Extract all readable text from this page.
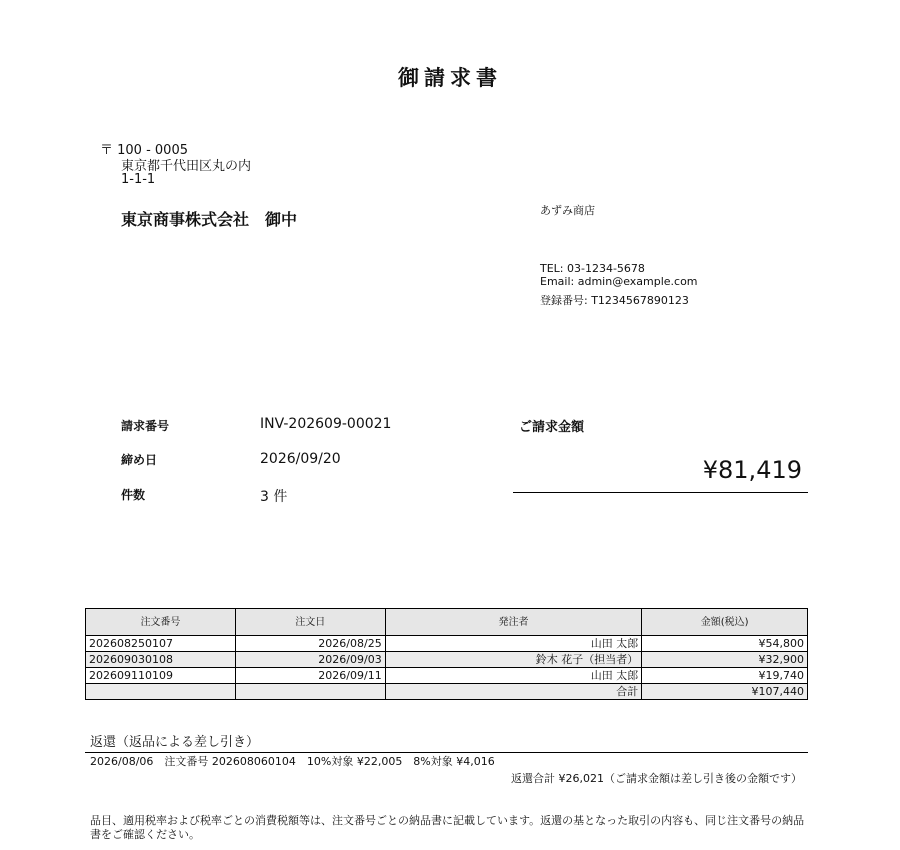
御請求書
〒 100 - 0005
東京都千代田区丸の内
1-1-1
東京商事株式会社　御中	あずみ商店
TEL: 03-1234-5678
Email: admin@example.com
登録番号: T1234567890123
請求番号	INV-202609-00021
締め日	2026/09/20
件数	3 件
ご請求金額
¥81,419
注文番号	注文日	発注者	金額(税込)
202608250107	2026/08/25	山田 太郎	¥54,800
202609030108	2026/09/03	鈴木 花子（担当者）	¥32,900
202609110109	2026/09/11	山田 太郎	¥19,740
		合計	¥107,440
返還（返品による差し引き）
2026/08/06　注文番号 202608060104　10%対象 ¥22,005　8%対象 ¥4,016
返還合計 ¥26,021（ご請求金額は差し引き後の金額です）
品目、適用税率および税率ごとの消費税額等は、注文番号ごとの納品書に記載しています。返還の基となった取引の内容も、同じ注文番号の納品書をご確認ください。
